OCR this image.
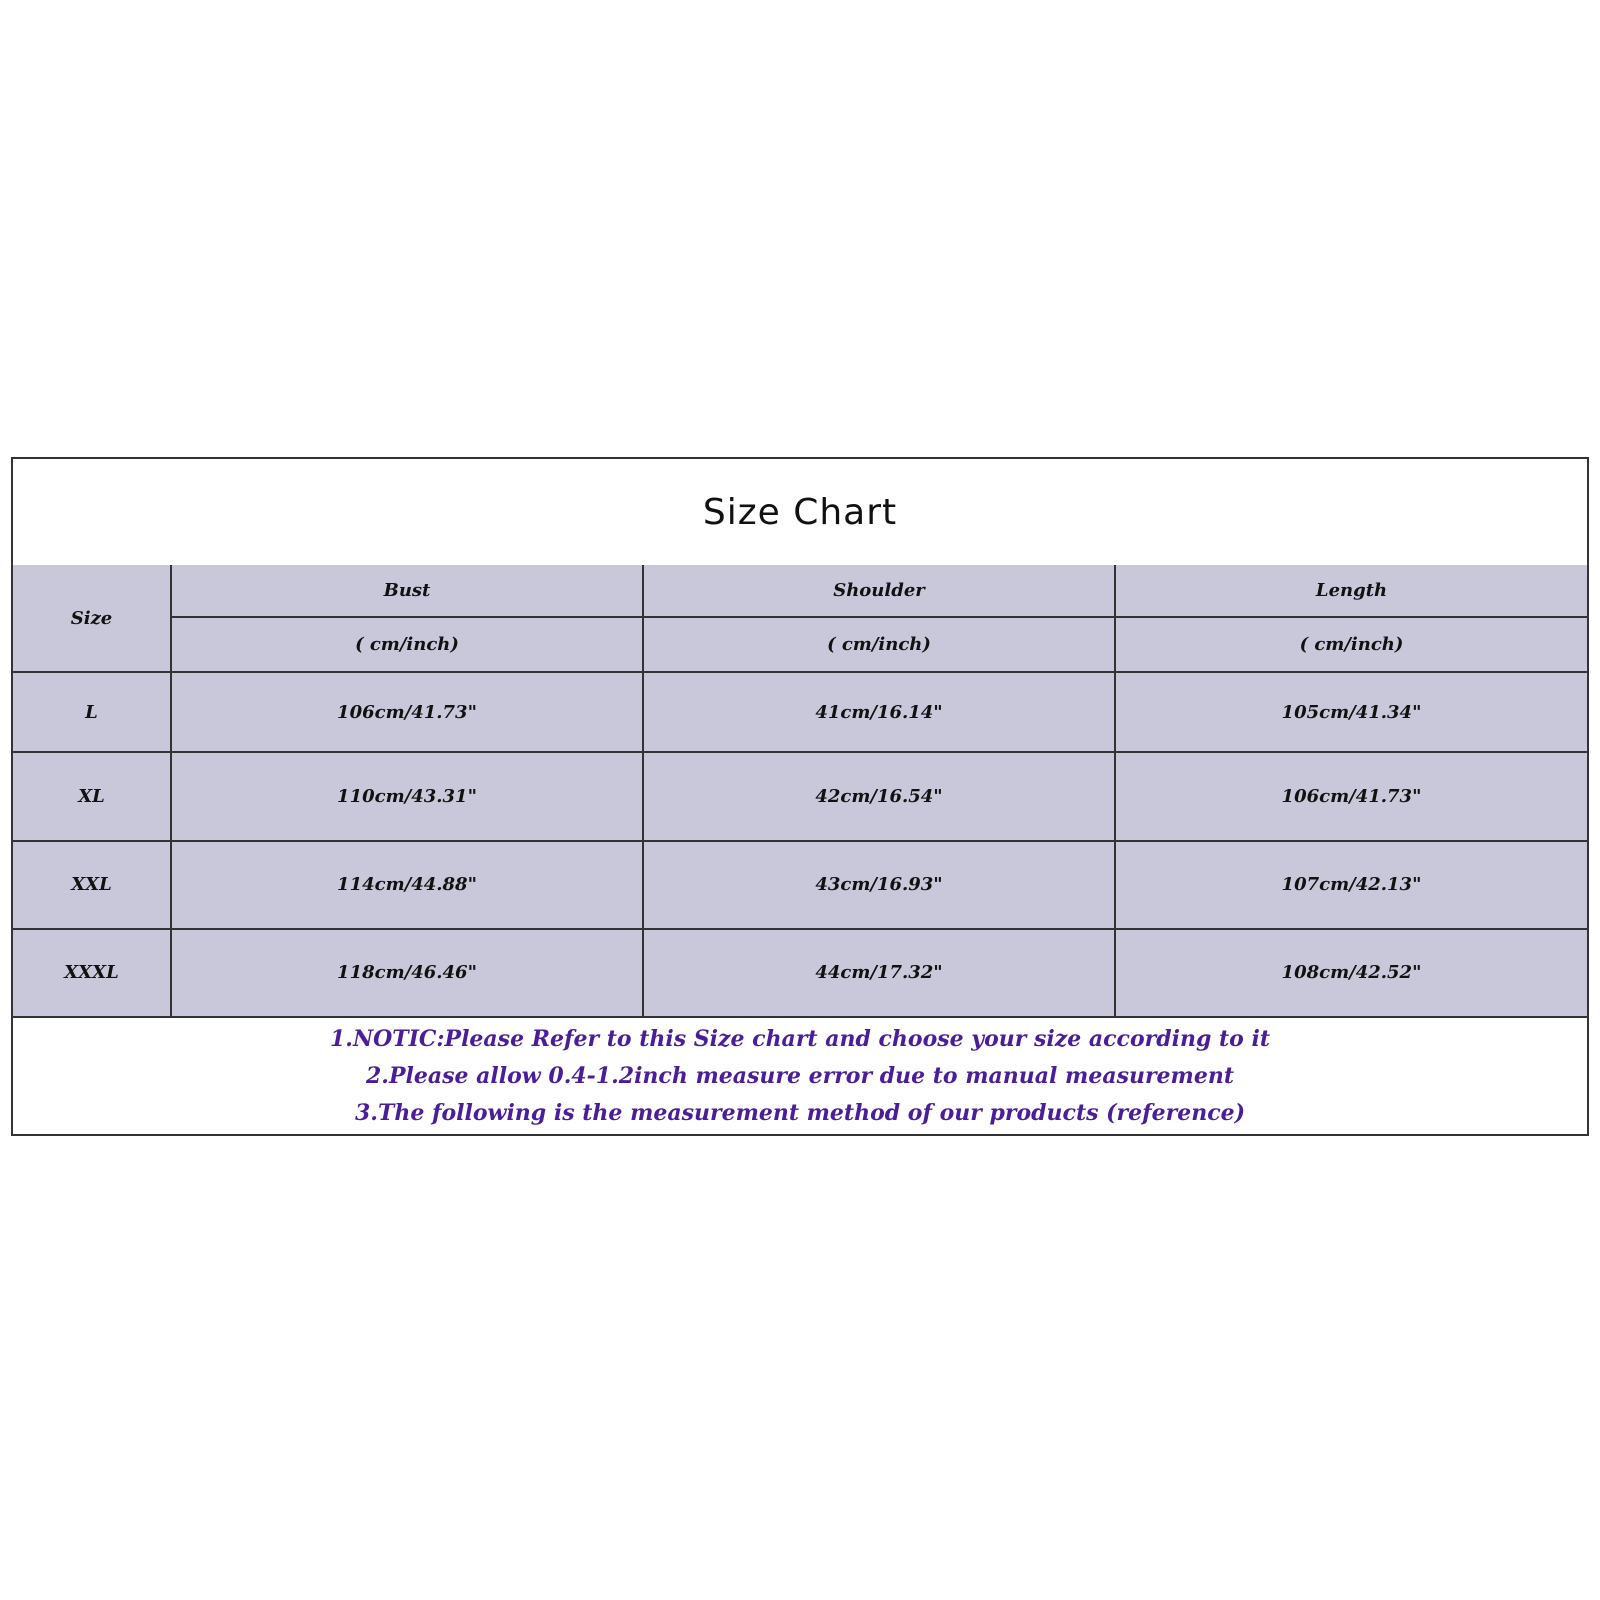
Size Chart
Size	Bust	Shoulder	Length
	( cm/inch)	( cm/inch)	( cm/inch)
L	106cm/41.73"	41cm/16.14"	105cm/41.34"
XL	110cm/43.31"	42cm/16.54"	106cm/41.73"
XXL	114cm/44.88"	43cm/16.93"	107cm/42.13"
XXXL	118cm/46.46"	44cm/17.32"	108cm/42.52"
1.NOTIC:Please Refer to this Size chart and choose your size according to it
2.Please allow 0.4-1.2inch measure error due to manual measurement
3.The following is the measurement method of our products (reference)
